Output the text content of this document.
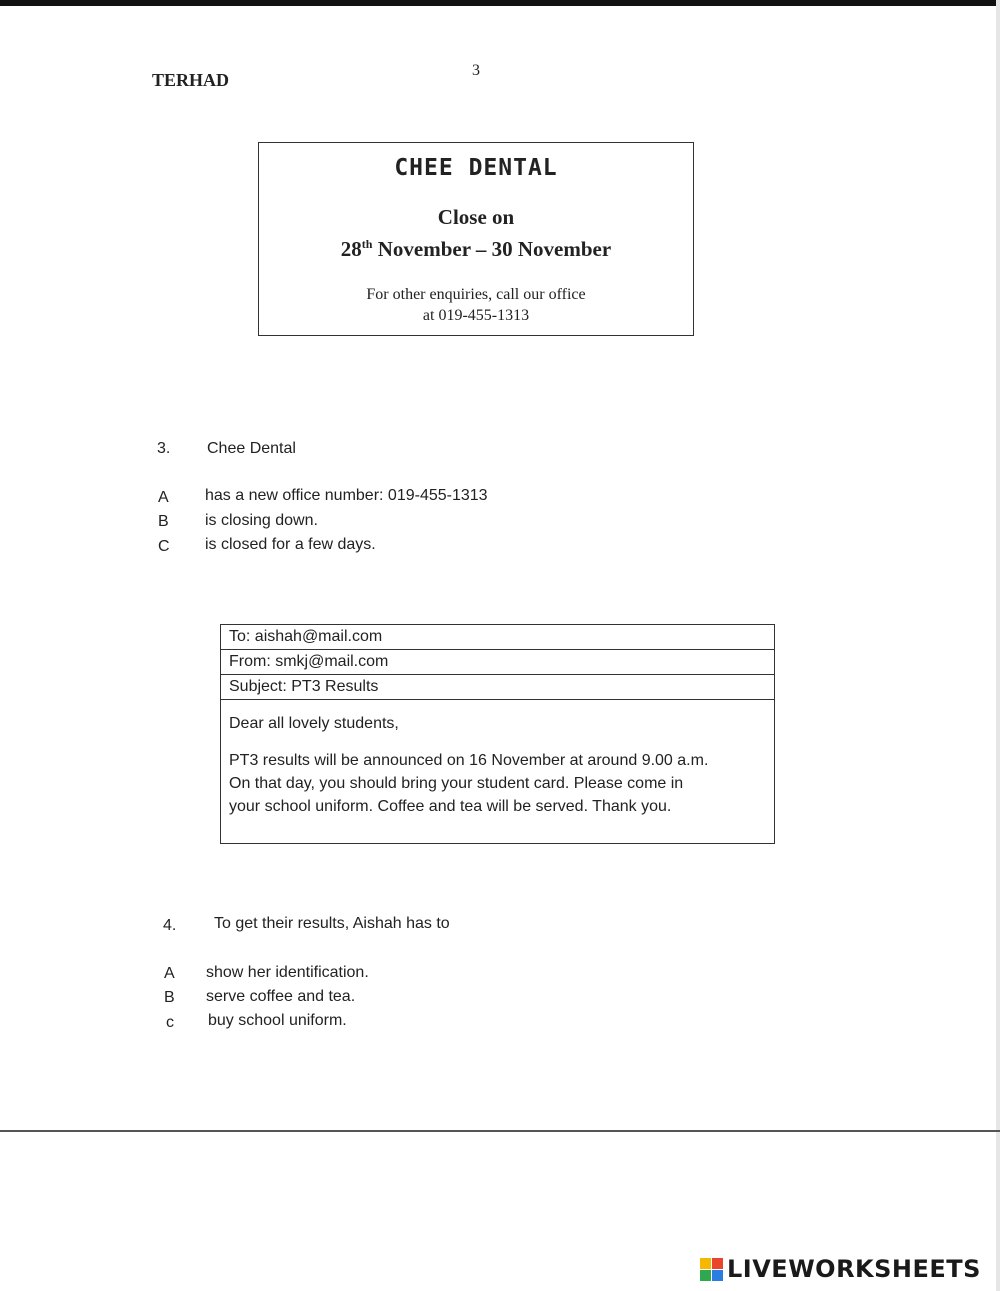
TERHAD	3
CHEE DENTAL
Close on
28th November – 30 November
For other enquiries, call our office
at 019-455-1313
3. Chee Dental
A has a new office number: 019-455-1313
B is closing down.
C is closed for a few days.
To: aishah@mail.com
From: smkj@mail.com
Subject: PT3 Results
Dear all lovely students,
PT3 results will be announced on 16 November at around 9.00 a.m.
On that day, you should bring your student card. Please come in
your school uniform. Coffee and tea will be served. Thank you.
4. To get their results, Aishah has to
A show her identification.
B serve coffee and tea.
c buy school uniform.
LIVEWORKSHEETS
